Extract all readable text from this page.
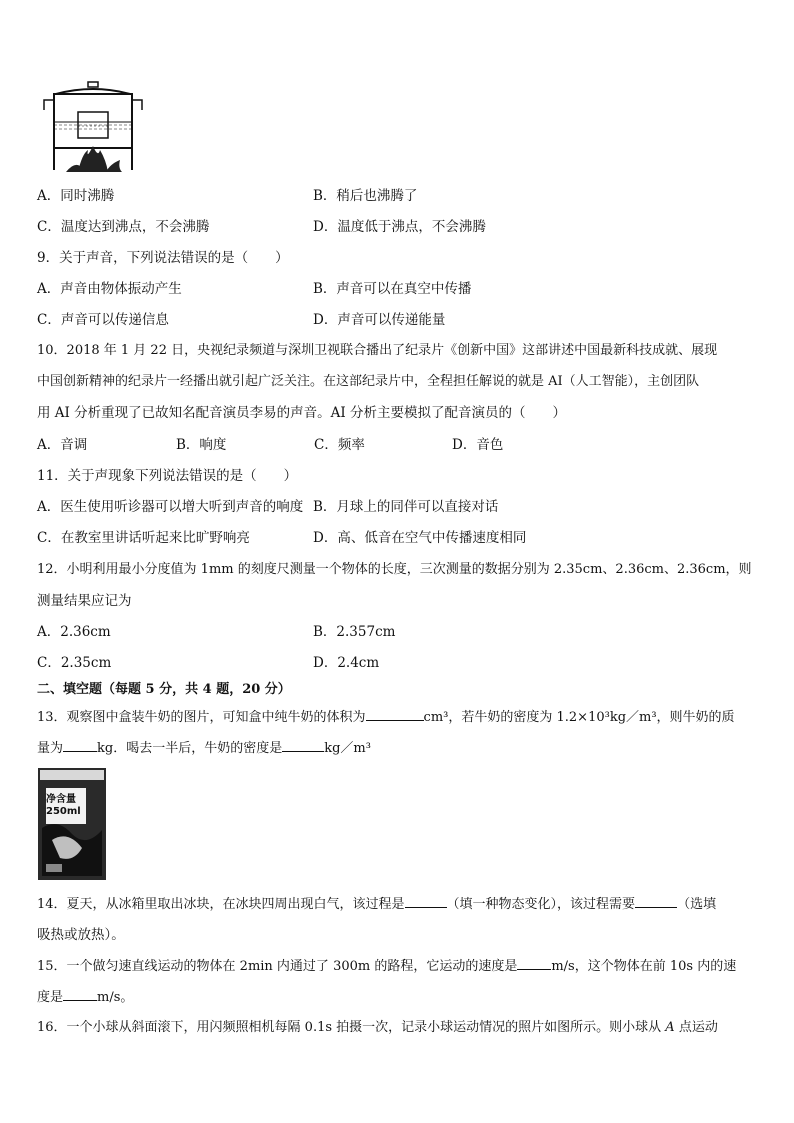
A．同时沸腾	B．稍后也沸腾了
C．温度达到沸点，不会沸腾	D．温度低于沸点，不会沸腾
9．关于声音，下列说法错误的是（　　）
A．声音由物体振动产生	B．声音可以在真空中传播
C．声音可以传递信息	D．声音可以传递能量
10．2018 年 1 月 22 日，央视纪录频道与深圳卫视联合播出了纪录片《创新中国》这部讲述中国最新科技成就、展现
中国创新精神的纪录片一经播出就引起广泛关注。在这部纪录片中，全程担任解说的就是 AI（人工智能），主创团队
用 AI 分析重现了已故知名配音演员李易的声音。AI 分析主要模拟了配音演员的（　　）
A．音调	B．响度	C．频率	D．音色
11．关于声现象下列说法错误的是（　　）
A．医生使用听诊器可以增大听到声音的响度 B．月球上的同伴可以直接对话
C．在教室里讲话听起来比旷野响亮	D．高、低音在空气中传播速度相同
12．小明利用最小分度值为 1mm 的刻度尺测量一个物体的长度，三次测量的数据分别为 2.35cm、2.36cm、2.36cm，则
测量结果应记为
A．2.36cm	B．2.357cm
C．2.35cm	D．2.4cm
二、填空题（每题 5 分，共 4 题，20 分）
13．观察图中盒装牛奶的图片，可知盒中纯牛奶的体积为	cm³，若牛奶的密度为 1.2×10³kg／m³，则牛奶的质
量为	kg．喝去一半后，牛奶的密度是	kg／m³
净含量
250ml
14．夏天，从冰箱里取出冰块，在冰块四周出现白气，该过程是	（填一种物态变化），该过程需要	（选填
吸热或放热）。
15．一个做匀速直线运动的物体在 2min 内通过了 300m 的路程，它运动的速度是	m/s，这个物体在前 10s 内的速
度是	m/s。
16．一个小球从斜面滚下，用闪频照相机每隔 0.1s 拍摄一次，记录小球运动情况的照片如图所示。则小球从 A 点运动
